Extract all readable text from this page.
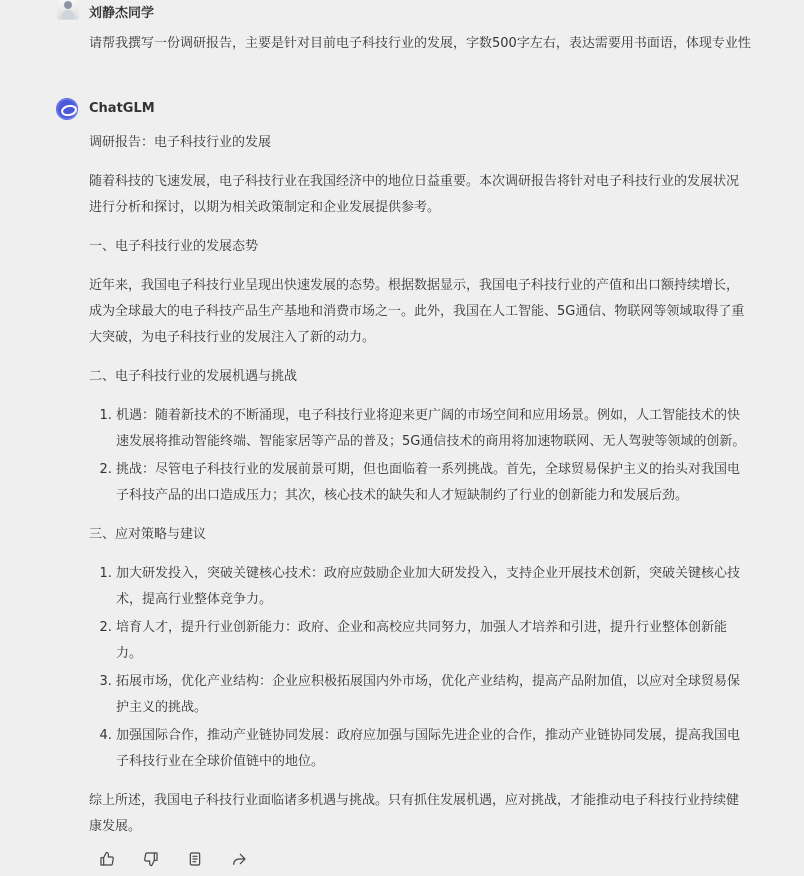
刘静杰同学
请帮我撰写一份调研报告，主要是针对目前电子科技行业的发展，字数500字左右，表达需要用书面语，体现专业性
ChatGLM

调研报告：电子科技行业的发展

随着科技的飞速发展，电子科技行业在我国经济中的地位日益重要。本次调研报告将针对电子科技行业的发展状况进行分析和探讨，以期为相关政策制定和企业发展提供参考。

一、电子科技行业的发展态势

近年来，我国电子科技行业呈现出快速发展的态势。根据数据显示，我国电子科技行业的产值和出口额持续增长，成为全球最大的电子科技产品生产基地和消费市场之一。此外，我国在人工智能、5G通信、物联网等领域取得了重大突破，为电子科技行业的发展注入了新的动力。

二、电子科技行业的发展机遇与挑战

1. 机遇：随着新技术的不断涌现，电子科技行业将迎来更广阔的市场空间和应用场景。例如，人工智能技术的快速发展将推动智能终端、智能家居等产品的普及；5G通信技术的商用将加速物联网、无人驾驶等领域的创新。
2. 挑战：尽管电子科技行业的发展前景可期，但也面临着一系列挑战。首先，全球贸易保护主义的抬头对我国电子科技产品的出口造成压力；其次，核心技术的缺失和人才短缺制约了行业的创新能力和发展后劲。

三、应对策略与建议

1. 加大研发投入，突破关键核心技术：政府应鼓励企业加大研发投入，支持企业开展技术创新，突破关键核心技术，提高行业整体竞争力。
2. 培育人才，提升行业创新能力：政府、企业和高校应共同努力，加强人才培养和引进，提升行业整体创新能力。
3. 拓展市场，优化产业结构：企业应积极拓展国内外市场，优化产业结构，提高产品附加值，以应对全球贸易保护主义的挑战。
4. 加强国际合作，推动产业链协同发展：政府应加强与国际先进企业的合作，推动产业链协同发展，提高我国电子科技行业在全球价值链中的地位。

综上所述，我国电子科技行业面临诸多机遇与挑战。只有抓住发展机遇，应对挑战，才能推动电子科技行业持续健康发展。
